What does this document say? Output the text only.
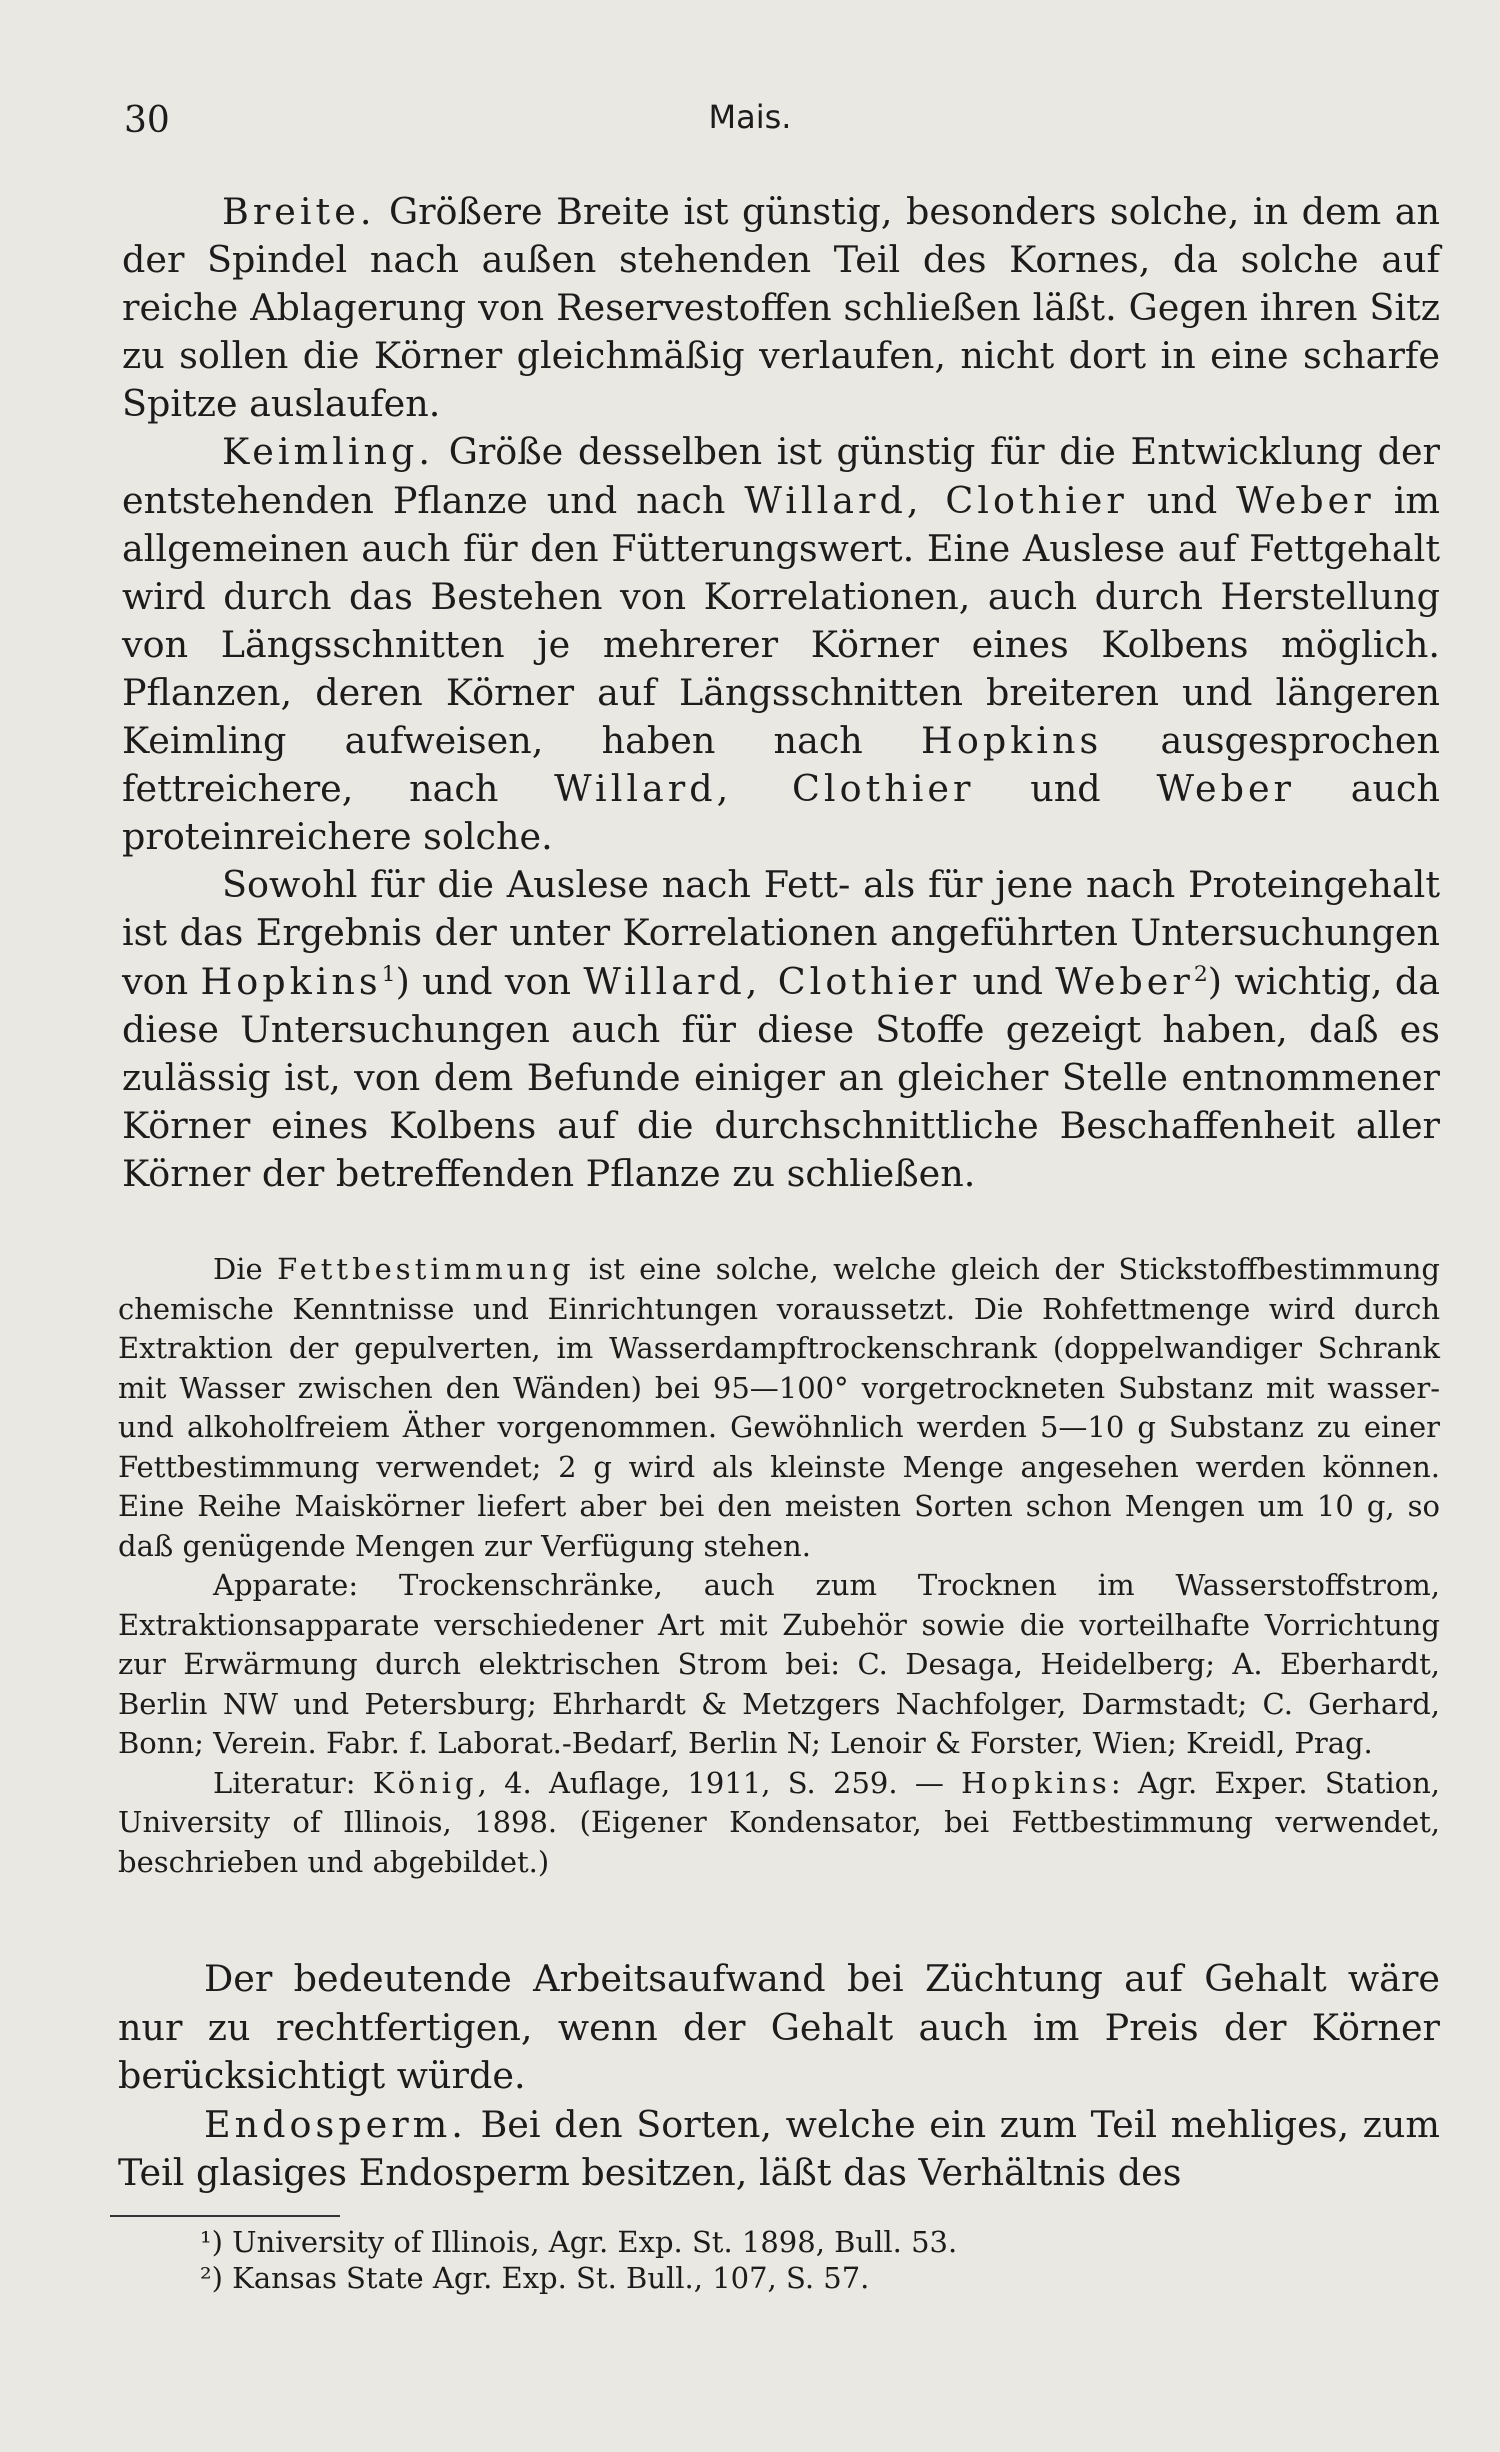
30	Mais.

Breite. Größere Breite ist günstig, besonders solche, in dem an der Spindel nach außen stehenden Teil des Kornes, da solche auf reiche Ablagerung von Reservestoffen schließen läßt. Gegen ihren Sitz zu sollen die Körner gleichmäßig verlaufen, nicht dort in eine scharfe Spitze auslaufen.

Keimling. Größe desselben ist günstig für die Entwicklung der entstehenden Pflanze und nach Willard, Clothier und Weber im allgemeinen auch für den Fütterungswert. Eine Auslese auf Fettgehalt wird durch das Bestehen von Korrelationen, auch durch Herstellung von Längsschnitten je mehrerer Körner eines Kolbens möglich. Pflanzen, deren Körner auf Längsschnitten breiteren und längeren Keimling aufweisen, haben nach Hopkins ausgesprochen fettreichere, nach Willard, Clothier und Weber auch proteinreichere solche.

Sowohl für die Auslese nach Fett- als für jene nach Proteingehalt ist das Ergebnis der unter Korrelationen angeführten Untersuchungen von Hopkins$^1$) und von Willard, Clothier und Weber$^2$) wichtig, da diese Untersuchungen auch für diese Stoffe gezeigt haben, daß es zulässig ist, von dem Befunde einiger an gleicher Stelle entnommener Körner eines Kolbens auf die durchschnittliche Beschaffenheit aller Körner der betreffenden Pflanze zu schließen.

Die Fettbestimmung ist eine solche, welche gleich der Stickstoffbestimmung chemische Kenntnisse und Einrichtungen voraussetzt. Die Rohfettmenge wird durch Extraktion der gepulverten, im Wasserdampftrockenschrank (doppelwandiger Schrank mit Wasser zwischen den Wänden) bei 95—100° vorgetrockneten Substanz mit wasser- und alkoholfreiem Äther vorgenommen. Gewöhnlich werden 5—10 g Substanz zu einer Fettbestimmung verwendet; 2 g wird als kleinste Menge angesehen werden können. Eine Reihe Maiskörner liefert aber bei den meisten Sorten schon Mengen um 10 g, so daß genügende Mengen zur Verfügung stehen.

Apparate: Trockenschränke, auch zum Trocknen im Wasserstoffstrom, Extraktionsapparate verschiedener Art mit Zubehör sowie die vorteilhafte Vorrichtung zur Erwärmung durch elektrischen Strom bei: C. Desaga, Heidelberg; A. Eberhardt, Berlin NW und Petersburg; Ehrhardt & Metzgers Nachfolger, Darmstadt; C. Gerhard, Bonn; Verein. Fabr. f. Laborat.-Bedarf, Berlin N; Lenoir & Forster, Wien; Kreidl, Prag.

Literatur: König, 4. Auflage, 1911, S. 259. — Hopkins: Agr. Exper. Station, University of Illinois, 1898. (Eigener Kondensator, bei Fettbestimmung verwendet, beschrieben und abgebildet.)

Der bedeutende Arbeitsaufwand bei Züchtung auf Gehalt wäre nur zu rechtfertigen, wenn der Gehalt auch im Preis der Körner berücksichtigt würde.

Endosperm. Bei den Sorten, welche ein zum Teil mehliges, zum Teil glasiges Endosperm besitzen, läßt das Verhältnis des

¹) University of Illinois, Agr. Exp. St. 1898, Bull. 53.
²) Kansas State Agr. Exp. St. Bull., 107, S. 57.
